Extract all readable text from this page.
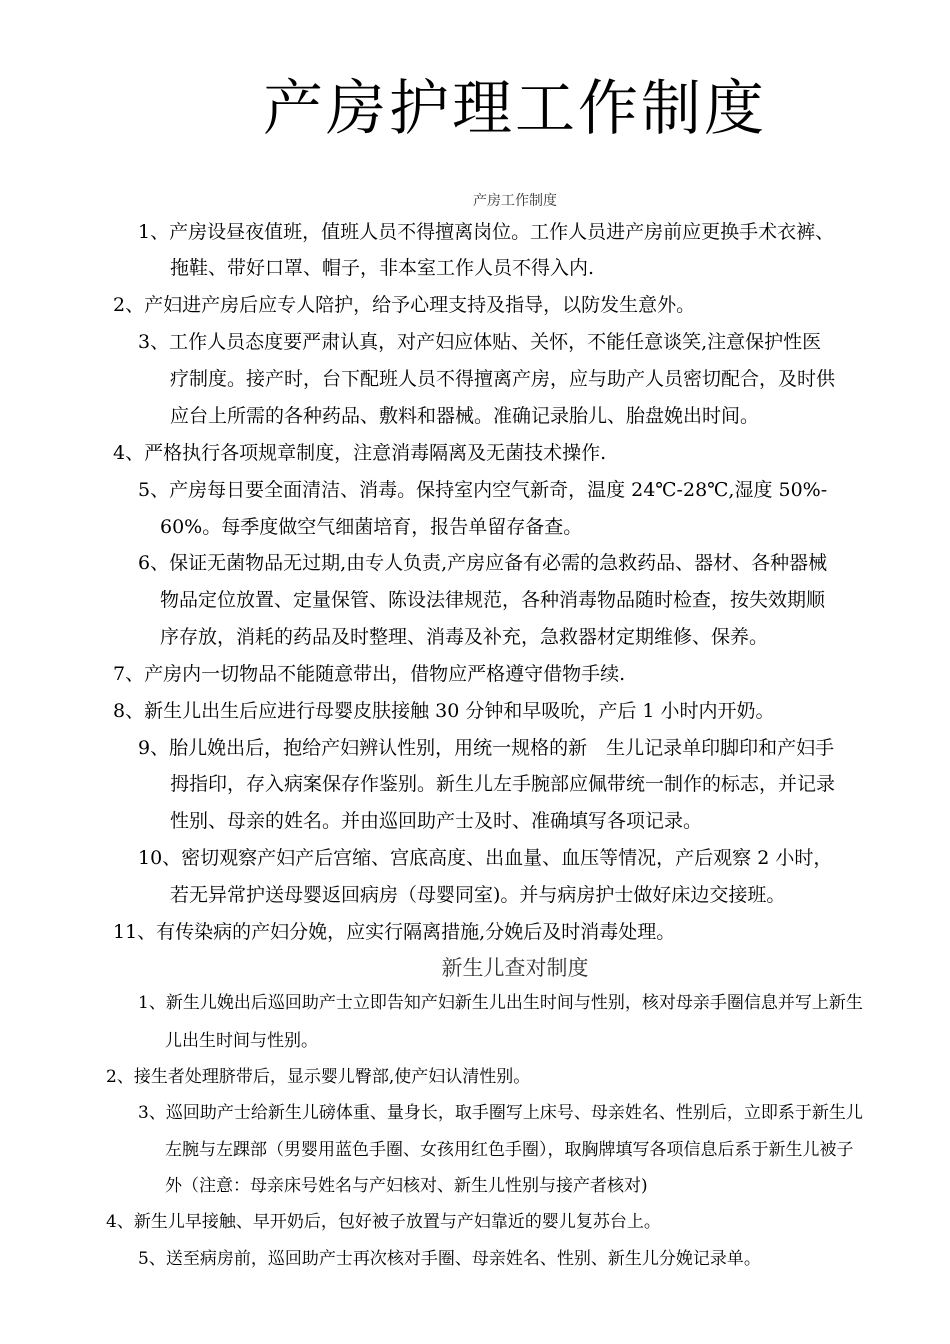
产房护理工作制度
产房工作制度
1、产房设昼夜值班，值班人员不得擅离岗位。工作人员进产房前应更换手术衣裤、
拖鞋、带好口罩、帽子，非本室工作人员不得入内.
2、产妇进产房后应专人陪护，给予心理支持及指导，以防发生意外。
3、工作人员态度要严肃认真，对产妇应体贴、关怀，不能任意谈笑,注意保护性医
疗制度。接产时，台下配班人员不得擅离产房，应与助产人员密切配合，及时供
应台上所需的各种药品、敷料和器械。准确记录胎儿、胎盘娩出时间。
4、严格执行各项规章制度，注意消毒隔离及无菌技术操作.
5、产房每日要全面清洁、消毒。保持室内空气新奇，温度 24℃-28℃,湿度 50%-
60%。每季度做空气细菌培育，报告单留存备查。
6、保证无菌物品无过期,由专人负责,产房应备有必需的急救药品、器材、各种器械
物品定位放置、定量保管、陈设法律规范，各种消毒物品随时检查，按失效期顺
序存放，消耗的药品及时整理、消毒及补充，急救器材定期维修、保养。
7、产房内一切物品不能随意带出，借物应严格遵守借物手续.
8、新生儿出生后应进行母婴皮肤接触 30 分钟和早吸吮，产后 1 小时内开奶。
9、胎儿娩出后，抱给产妇辨认性别，用统一规格的新　生儿记录单印脚印和产妇手
拇指印，存入病案保存作鉴别。新生儿左手腕部应佩带统一制作的标志，并记录
性别、母亲的姓名。并由巡回助产士及时、准确填写各项记录。
10、密切观察产妇产后宫缩、宫底高度、出血量、血压等情况，产后观察 2 小时，
若无异常护送母婴返回病房（母婴同室)。并与病房护士做好床边交接班。
11、有传染病的产妇分娩，应实行隔离措施,分娩后及时消毒处理。
新生儿查对制度
1、新生儿娩出后巡回助产士立即告知产妇新生儿出生时间与性别，核对母亲手圈信息并写上新生
儿出生时间与性别。
2、接生者处理脐带后，显示婴儿臀部,使产妇认清性别。
3、巡回助产士给新生儿磅体重、量身长，取手圈写上床号、母亲姓名、性别后，立即系于新生儿
左腕与左踝部（男婴用蓝色手圈、女孩用红色手圈），取胸牌填写各项信息后系于新生儿被子
外（注意：母亲床号姓名与产妇核对、新生儿性别与接产者核对)
4、新生儿早接触、早开奶后，包好被子放置与产妇靠近的婴儿复苏台上。
5、送至病房前，巡回助产士再次核对手圈、母亲姓名、性别、新生儿分娩记录单。
